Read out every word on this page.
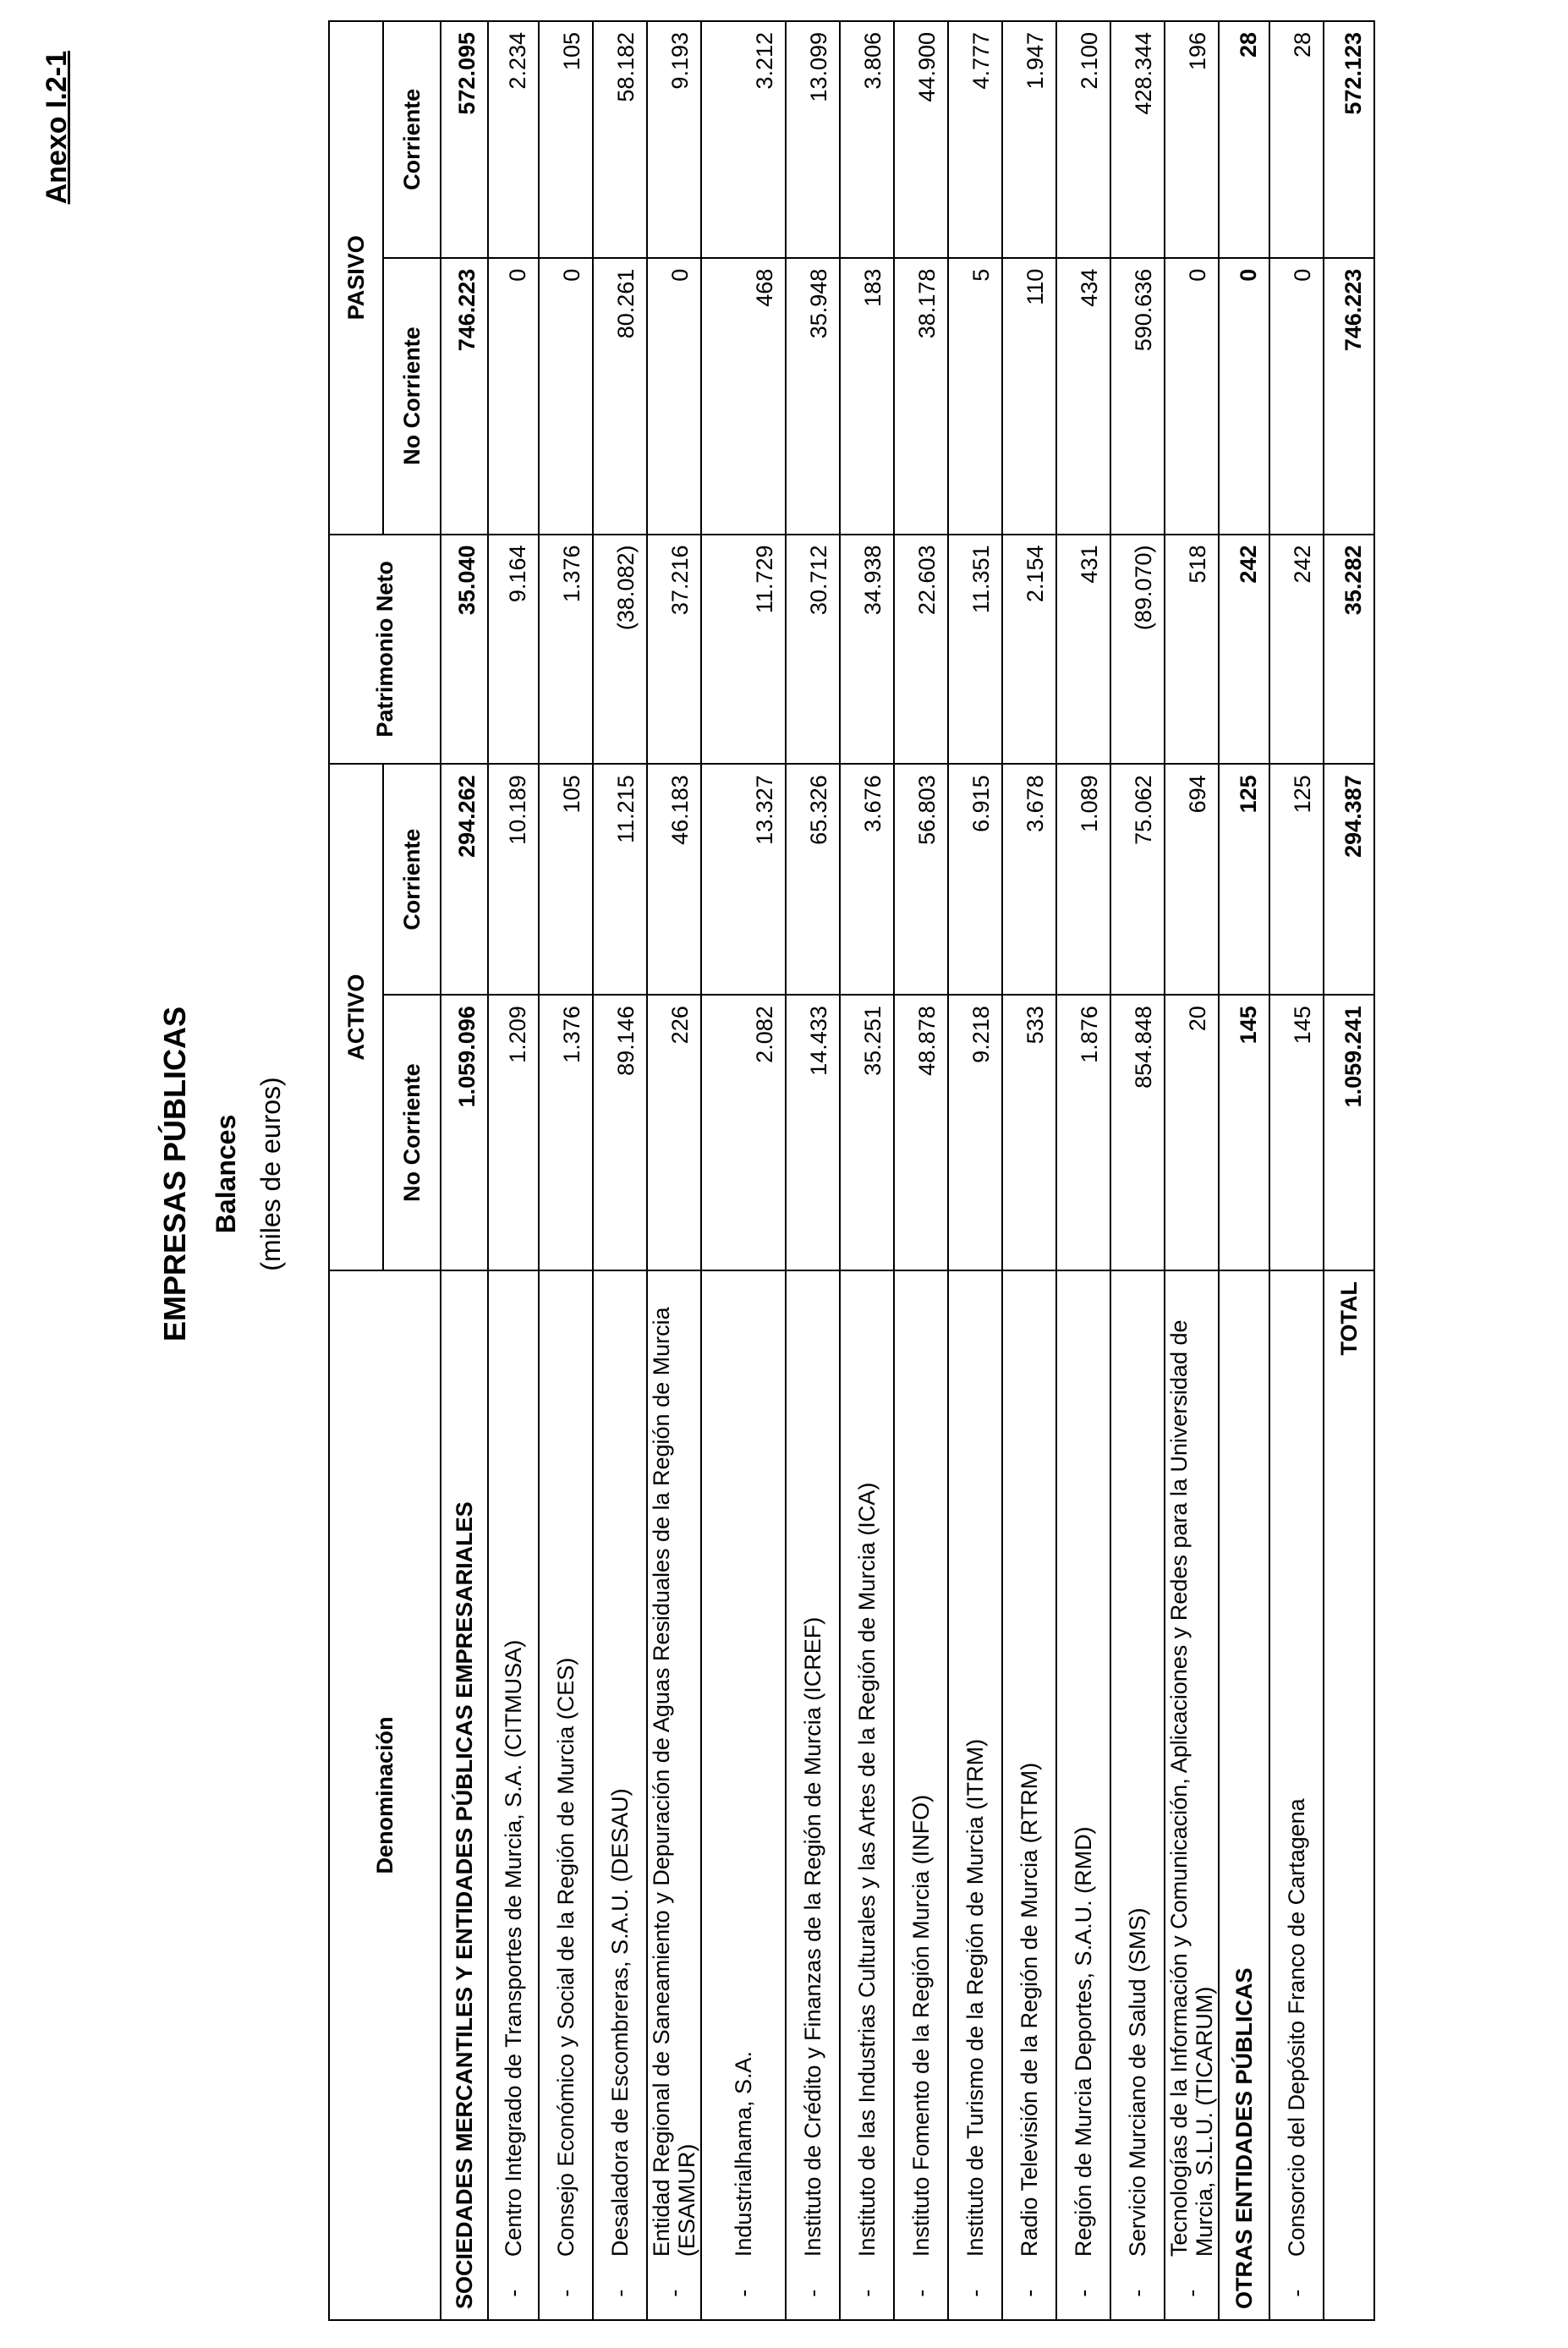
Anexo I.2-1
EMPRESAS PÚBLICAS Balances (miles de euros)
Denominación		ACTIVO		Patrimonio Neto	PASIVO	
		No Corriente	Corriente		No Corriente	Corriente
SOCIEDADES MERCANTILES Y ENTIDADES PÚBLICAS EMPRESARIALES		1.059.096	294.262	35.040	746.223	572.095
-	Centro Integrado de Transportes de Murcia, S.A. (CITMUSA)	1.209	10.189	9.164	0	2.234
-	Consejo Económico y Social de la Región de Murcia (CES)	1.376	105	1.376	0	105
-	Desaladora de Escombreras, S.A.U. (DESAU)	89.146	11.215	(38.082)	80.261	58.182
-	Entidad Regional de Saneamiento y Depuración de Aguas Residuales de la Región de Murcia (ESAMUR)	226	46.183	37.216	0	9.193
-	Industrialhama, S.A.	2.082	13.327	11.729	468	3.212
-	Instituto de Crédito y Finanzas de la Región de Murcia (ICREF)	14.433	65.326	30.712	35.948	13.099
-	Instituto de las Industrias Culturales y las Artes de la Región de Murcia (ICA)	35.251	3.676	34.938	183	3.806
-	Instituto Fomento de la Región Murcia (INFO)	48.878	56.803	22.603	38.178	44.900
-	Instituto de Turismo de la Región de Murcia (ITRM)	9.218	6.915	11.351	5	4.777
-	Radio Televisión de la Región de Murcia (RTRM)	533	3.678	2.154	110	1.947
-	Región de Murcia Deportes, S.A.U. (RMD)	1.876	1.089	431	434	2.100
-	Servicio Murciano de Salud (SMS)	854.848	75.062	(89.070)	590.636	428.344
-	Tecnologías de la Información y Comunicación, Aplicaciones y Redes para la Universidad de Murcia, S.L.U. (TICARUM)	20	694	518	0	196
OTRAS ENTIDADES PÚBLICAS		145	125	242	0	28
-	Consorcio del Depósito Franco de Cartagena	145	125	242	0	28
TOTAL		1.059.241	294.387	35.282	746.223	572.123
